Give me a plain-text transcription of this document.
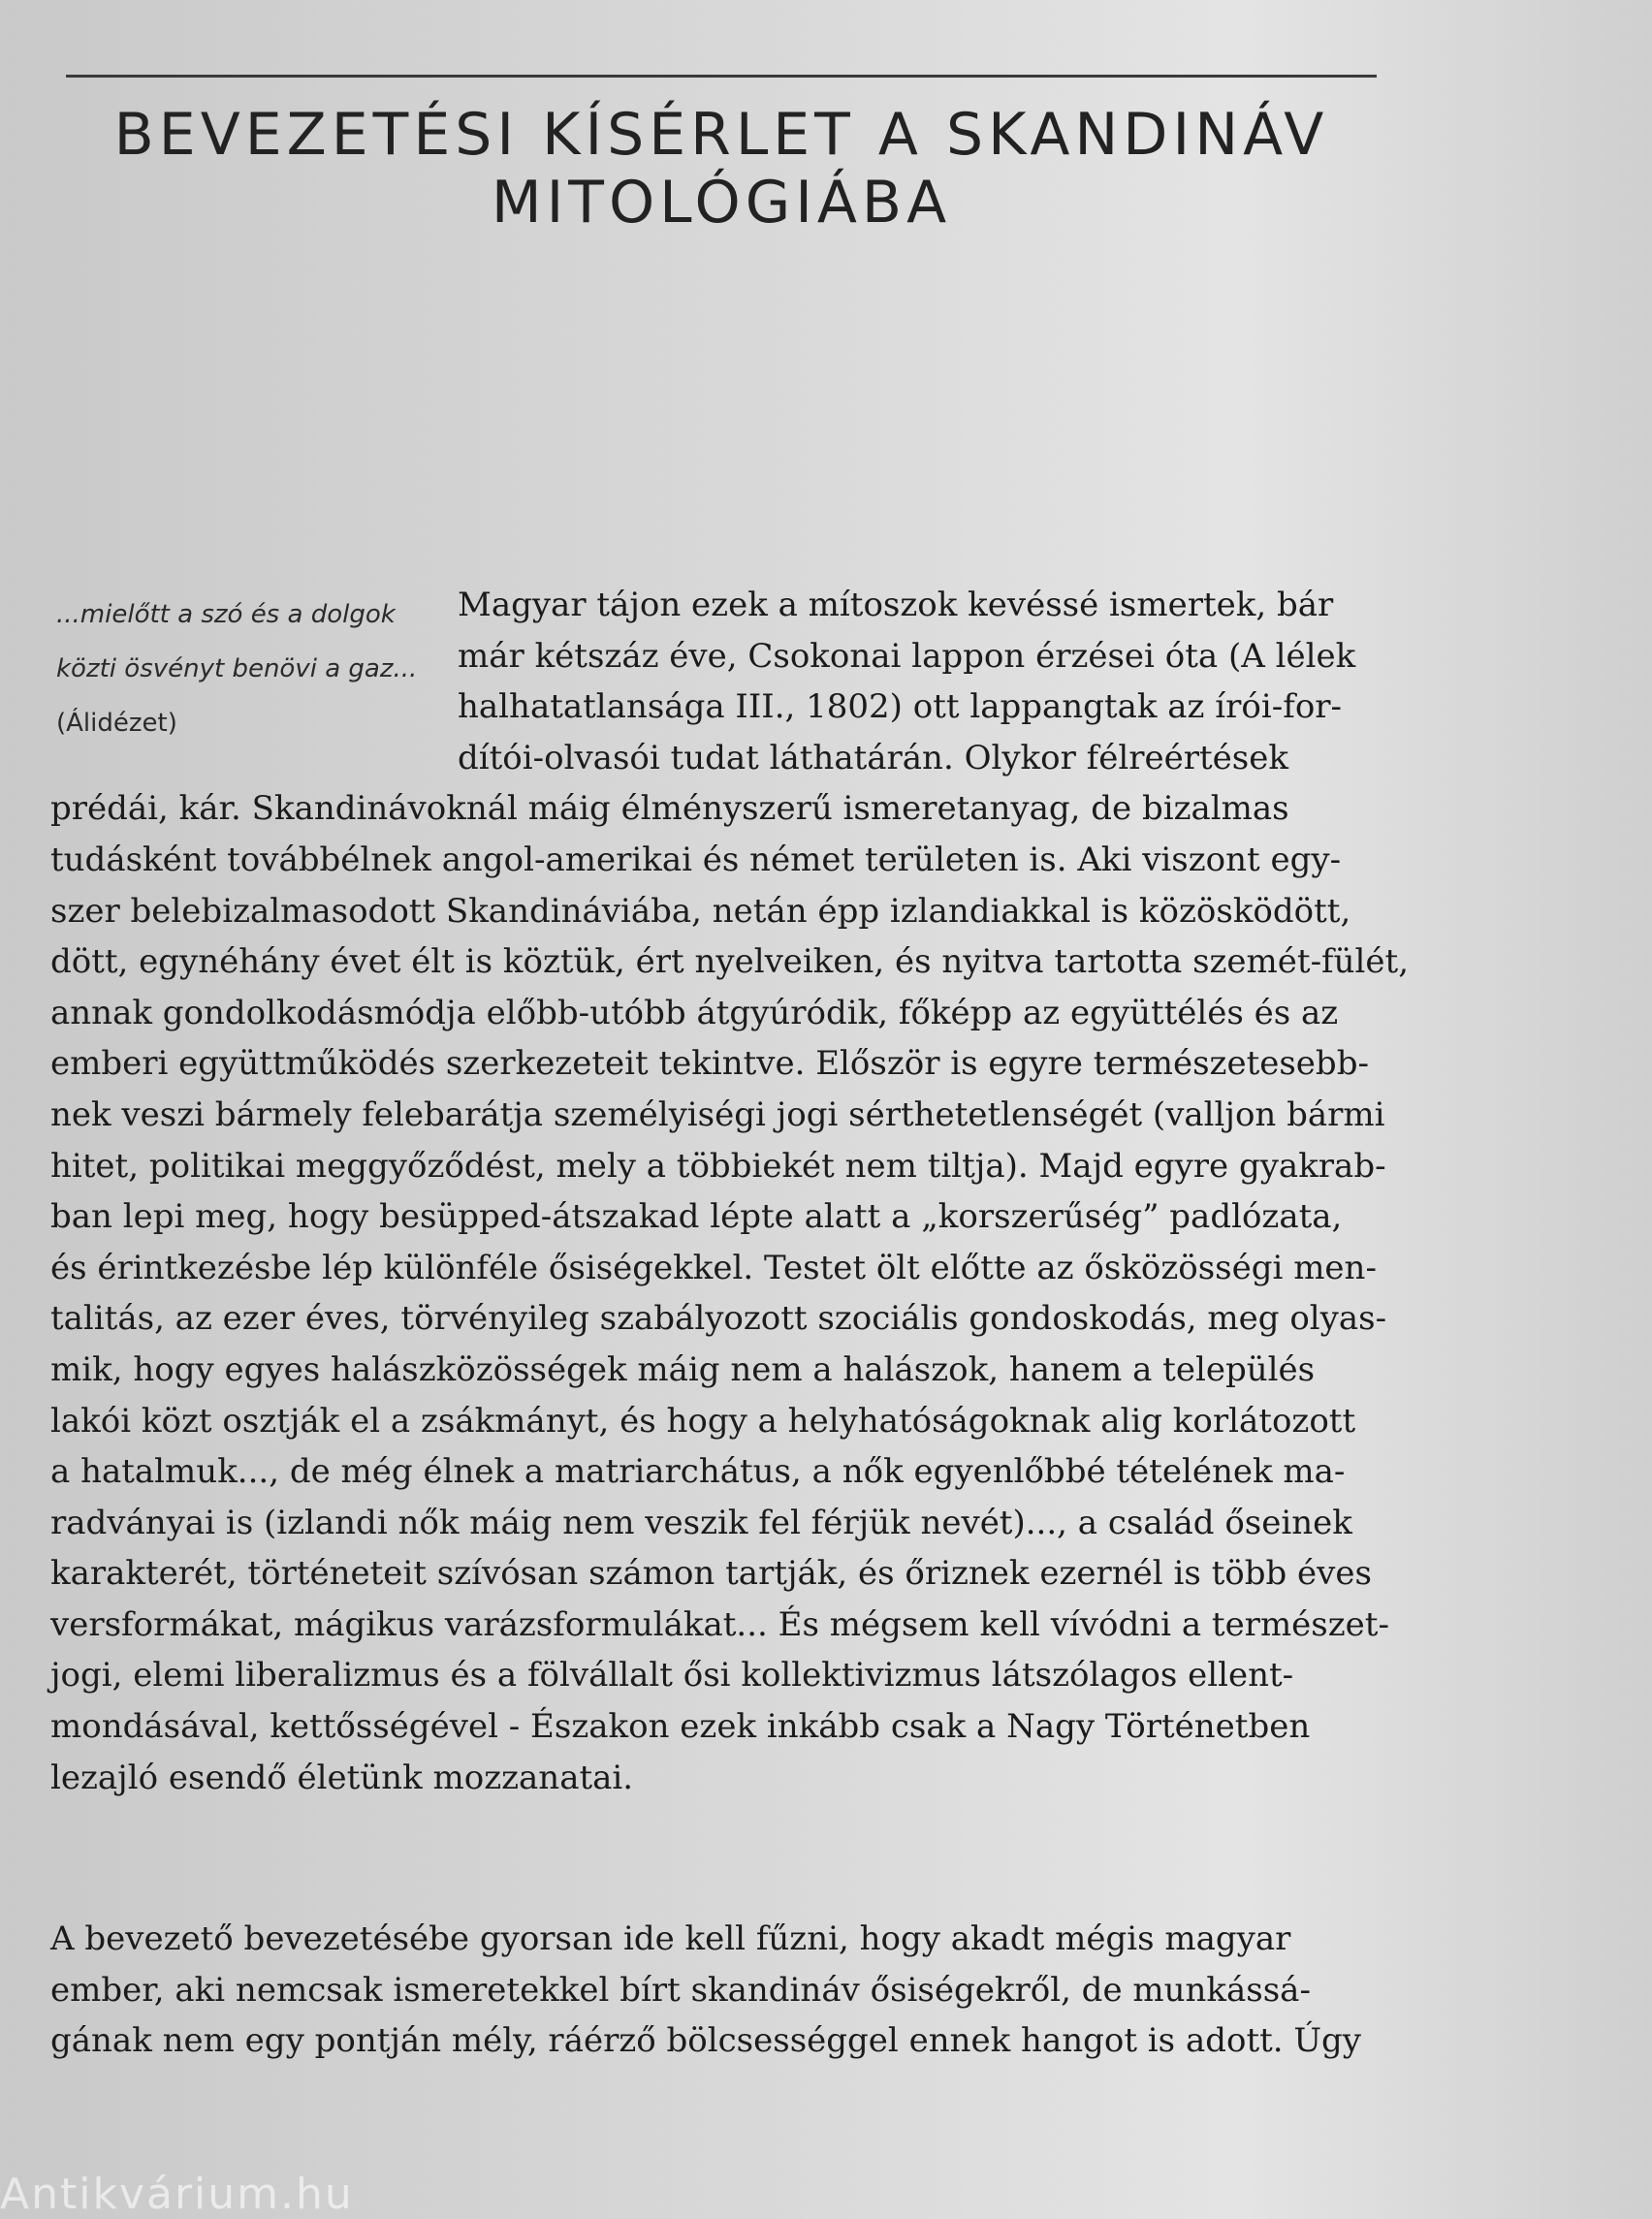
BEVEZETÉSI KÍSÉRLET A SKANDINÁV
MITOLÓGIÁBA
...mielőtt a szó és a dolgok
közti ösvényt benövi a gaz...
(Álidézet)
Magyar tájon ezek a mítoszok kevéssé ismertek, bár
már kétszáz éve, Csokonai lappon érzései óta (A lélek
halhatatlansága III., 1802) ott lappangtak az írói-for-
dítói-olvasói tudat láthatárán. Olykor félreértések
prédái, kár. Skandinávoknál máig élményszerű ismeretanyag, de bizalmas
tudásként továbbélnek angol-amerikai és német területen is. Aki viszont egy-
szer belebizalmasodott Skandináviába, netán épp izlandiakkal is közösködött,
dött, egynéhány évet élt is köztük, ért nyelveiken, és nyitva tartotta szemét-fülét,
annak gondolkodásmódja előbb-utóbb átgyúródik, főképp az együttélés és az
emberi együttműködés szerkezeteit tekintve. Először is egyre természetesebb-
nek veszi bármely felebarátja személyiségi jogi sérthetetlenségét (valljon bármi
hitet, politikai meggyőződést, mely a többiekét nem tiltja). Majd egyre gyakrab-
ban lepi meg, hogy besüpped-átszakad lépte alatt a „korszerűség” padlózata,
és érintkezésbe lép különféle ősiségekkel. Testet ölt előtte az ősközösségi men-
talitás, az ezer éves, törvényileg szabályozott szociális gondoskodás, meg olyas-
mik, hogy egyes halászközösségek máig nem a halászok, hanem a település
lakói közt osztják el a zsákmányt, és hogy a helyhatóságoknak alig korlátozott
a hatalmuk..., de még élnek a matriarchátus, a nők egyenlőbbé tételének ma-
radványai is (izlandi nők máig nem veszik fel férjük nevét)..., a család őseinek
karakterét, történeteit szívósan számon tartják, és őriznek ezernél is több éves
versformákat, mágikus varázsformulákat... És mégsem kell vívódni a természet-
jogi, elemi liberalizmus és a fölvállalt ősi kollektivizmus látszólagos ellent-
mondásával, kettősségével - Északon ezek inkább csak a Nagy Történetben
lezajló esendő életünk mozzanatai.
A bevezető bevezetésébe gyorsan ide kell fűzni, hogy akadt mégis magyar
ember, aki nemcsak ismeretekkel bírt skandináv ősiségekről, de munkássá-
gának nem egy pontján mély, ráérző bölcsességgel ennek hangot is adott. Úgy
Antikvárium.hu
